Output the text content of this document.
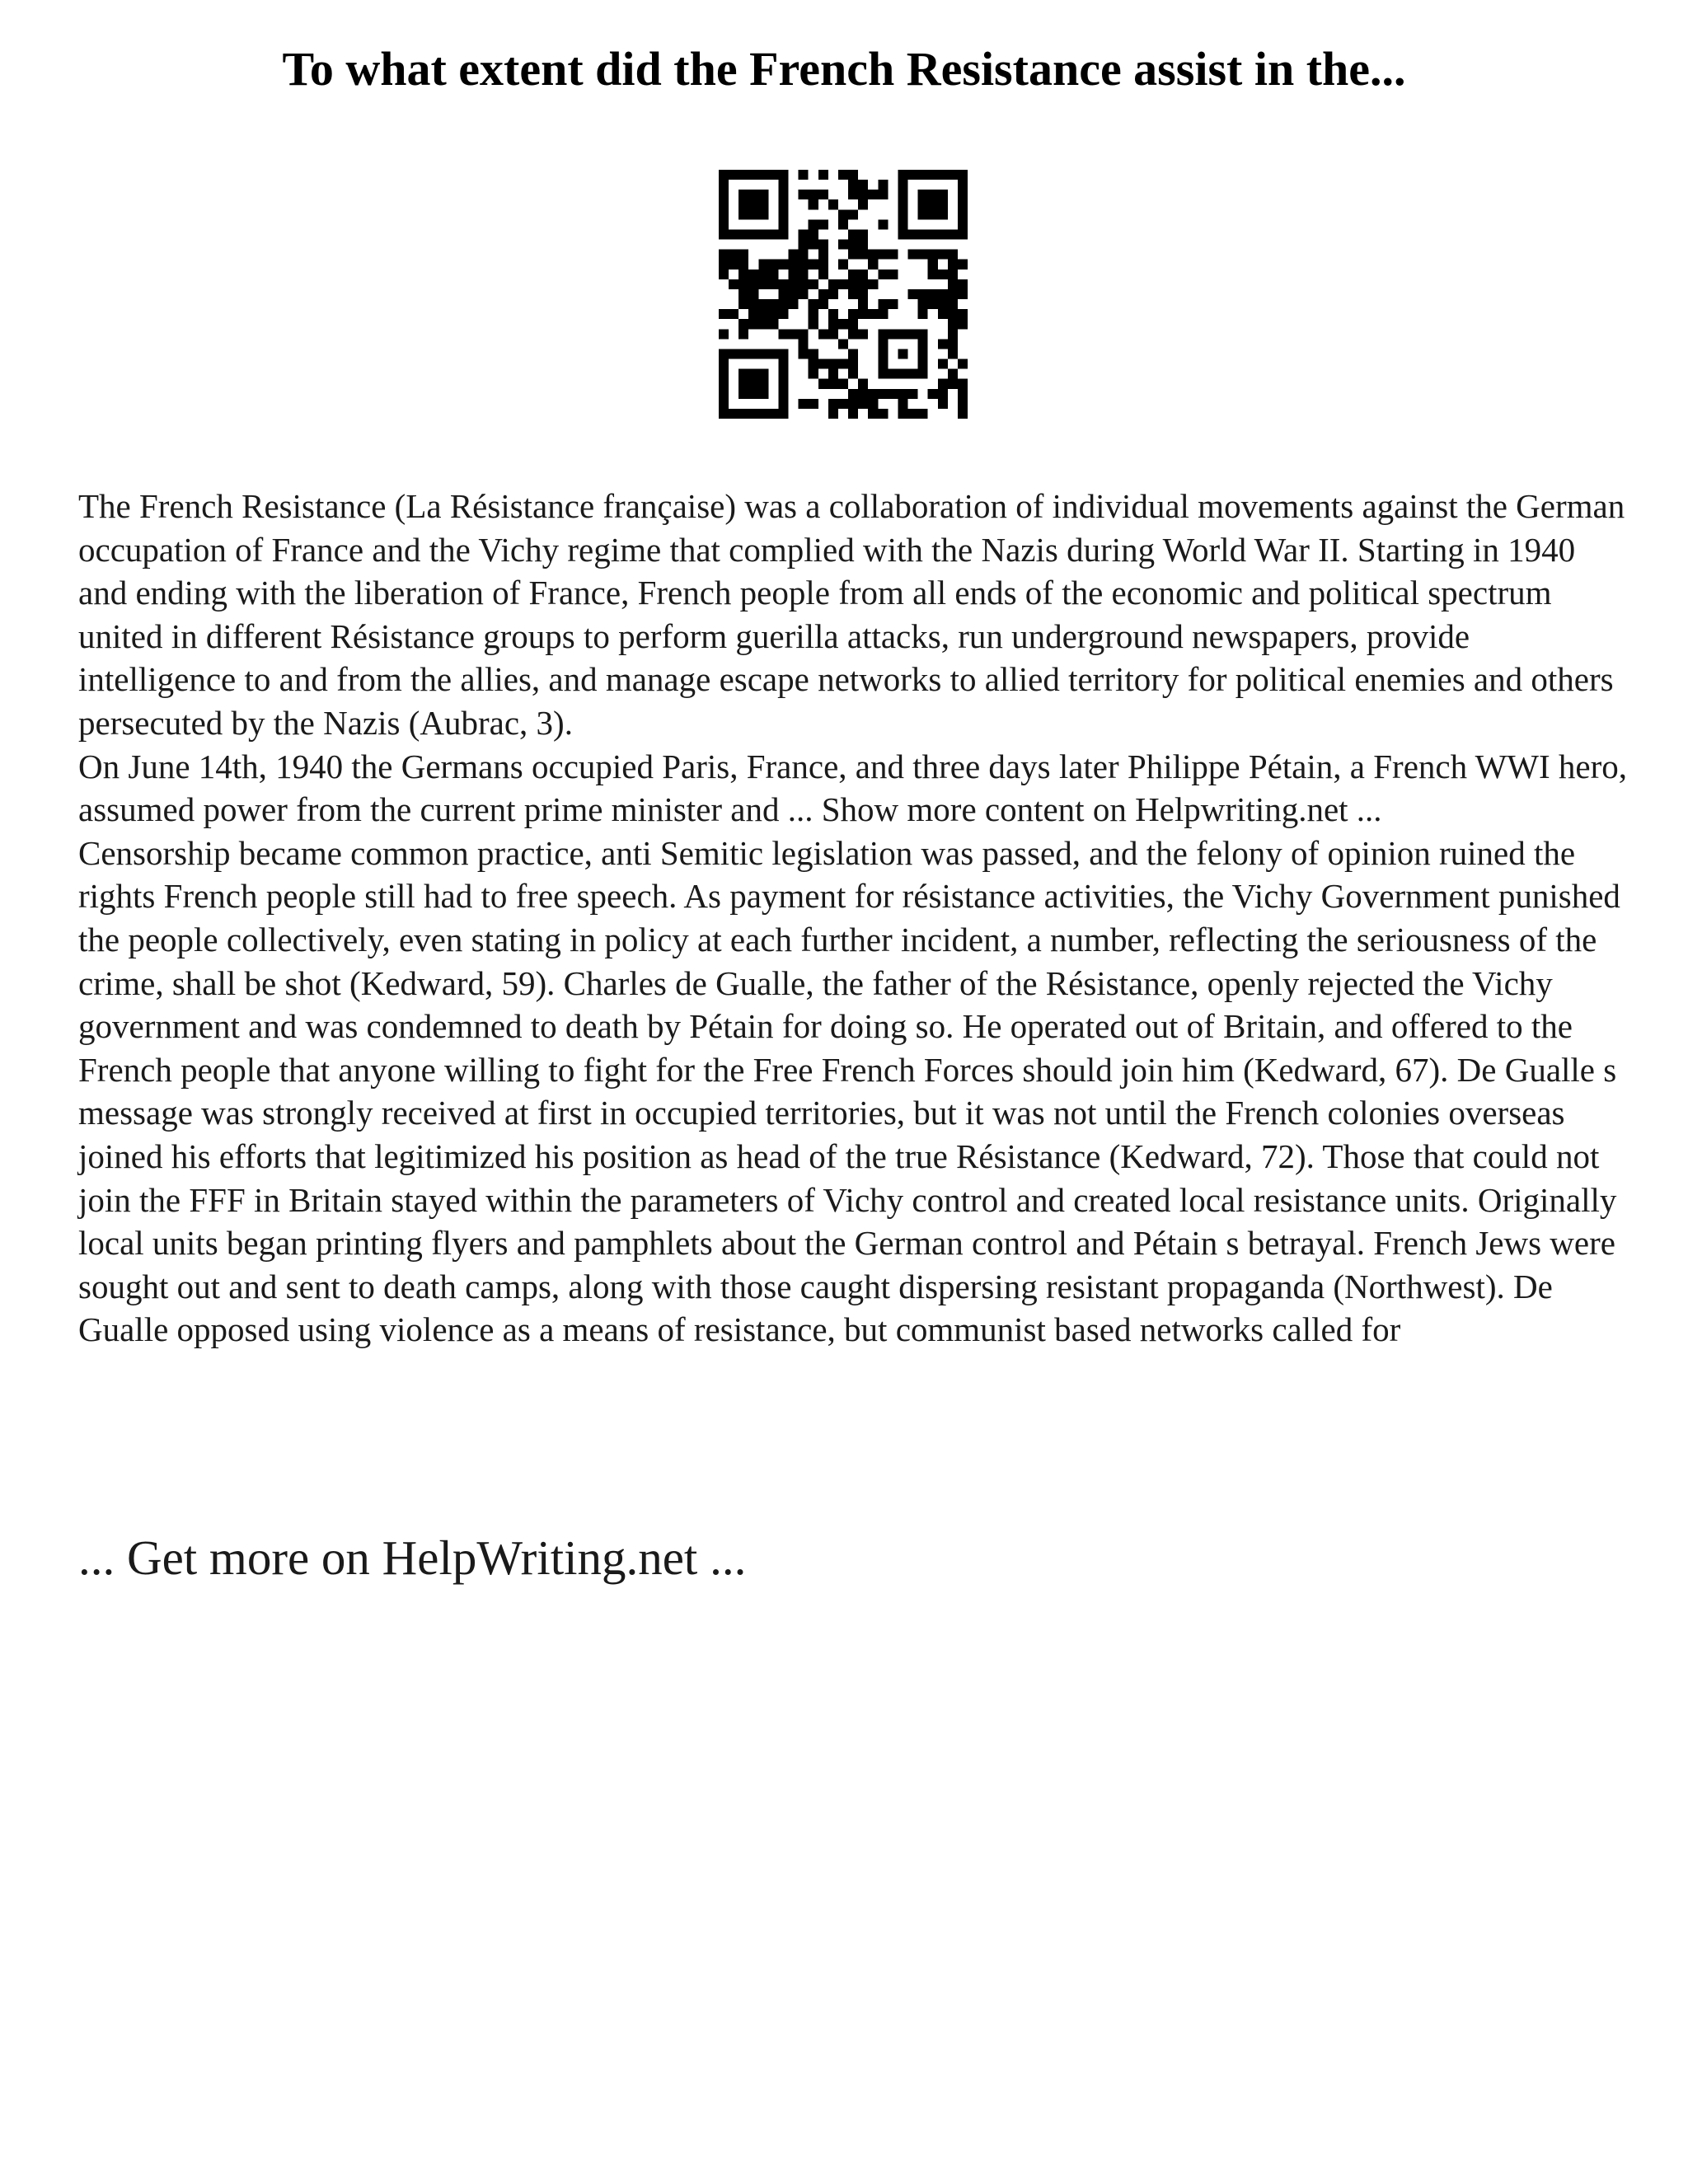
To what extent did the French Resistance assist in the...

The French Resistance (La Résistance française) was a collaboration of individual movements against the German occupation of France and the Vichy regime that complied with the Nazis during World War II. Starting in 1940 and ending with the liberation of France, French people from all ends of the economic and political spectrum united in different Résistance groups to perform guerilla attacks, run underground newspapers, provide intelligence to and from the allies, and manage escape networks to allied territory for political enemies and others persecuted by the Nazis (Aubrac, 3).

On June 14th, 1940 the Germans occupied Paris, France, and three days later Philippe Pétain, a French WWI hero, assumed power from the current prime minister and ... Show more content on Helpwriting.net ...

Censorship became common practice, anti Semitic legislation was passed, and the felony of opinion ruined the rights French people still had to free speech. As payment for résistance activities, the Vichy Government punished the people collectively, even stating in policy at each further incident, a number, reflecting the seriousness of the crime, shall be shot (Kedward, 59). Charles de Gualle, the father of the Résistance, openly rejected the Vichy government and was condemned to death by Pétain for doing so. He operated out of Britain, and offered to the French people that anyone willing to fight for the Free French Forces should join him (Kedward, 67). De Gualle s message was strongly received at first in occupied territories, but it was not until the French colonies overseas joined his efforts that legitimized his position as head of the true Résistance (Kedward, 72). Those that could not join the FFF in Britain stayed within the parameters of Vichy control and created local resistance units. Originally local units began printing flyers and pamphlets about the German control and Pétain s betrayal. French Jews were sought out and sent to death camps, along with those caught dispersing resistant propaganda (Northwest). De Gualle opposed using violence as a means of resistance, but communist based networks called for

... Get more on HelpWriting.net ...
